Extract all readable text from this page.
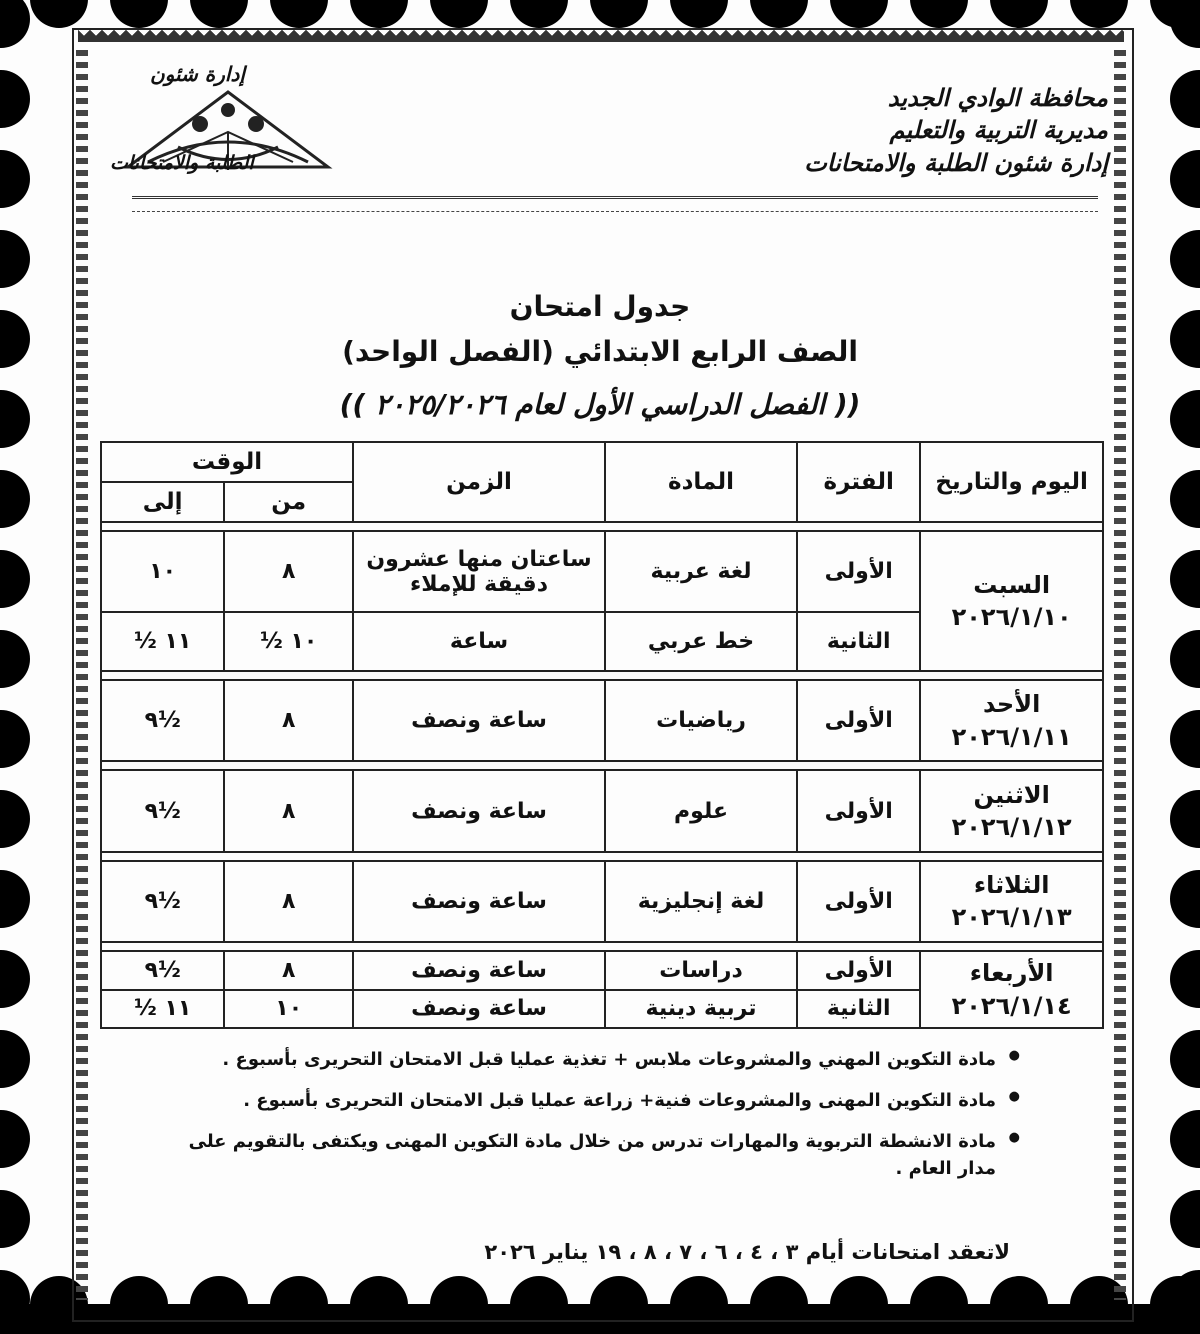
محافظة الوادي الجديد
مديرية التربية والتعليم
إدارة شئون الطلبة والامتحانات
إدارة شئون
الطلبة والامتحانات
جدول امتحان
الصف الرابع الابتدائي (الفصل الواحد)
(( الفصل الدراسي الأول لعام ٢٠٢٥/٢٠٢٦ ))
اليوم والتاريخ	الفترة	المادة	الزمن	الوقت	
				من	إلى

السبت
٢٠٢٦/١/١٠	الأولى	لغة عربية	ساعتان منها عشرون دقيقة للإملاء	٨	١٠
	الثانية	خط عربي	ساعة	½ ١٠	½ ١١

الأحد
٢٠٢٦/١/١١	الأولى	رياضيات	ساعة ونصف	٨	٩½

الاثنين
٢٠٢٦/١/١٢	الأولى	علوم	ساعة ونصف	٨	٩½

الثلاثاء
٢٠٢٦/١/١٣	الأولى	لغة إنجليزية	ساعة ونصف	٨	٩½

الأربعاء
٢٠٢٦/١/١٤	الأولى	دراسات	ساعة ونصف	٨	٩½
	الثانية	تربية دينية	ساعة ونصف	١٠	½ ١١
● مادة التكوين المهني والمشروعات ملابس + تغذية عمليا قبل الامتحان التحريرى بأسبوع .
● مادة التكوين المهنى والمشروعات فنية+ زراعة عمليا قبل الامتحان التحريرى بأسبوع .
● مادة الانشطة التربوية والمهارات تدرس من خلال مادة التكوين المهنى ويكتفى بالتقويم على مدار العام .
لاتعقد امتحانات أيام ٣ ، ٤ ، ٦ ، ٧ ، ٨ ، ١٩ يناير ٢٠٢٦
